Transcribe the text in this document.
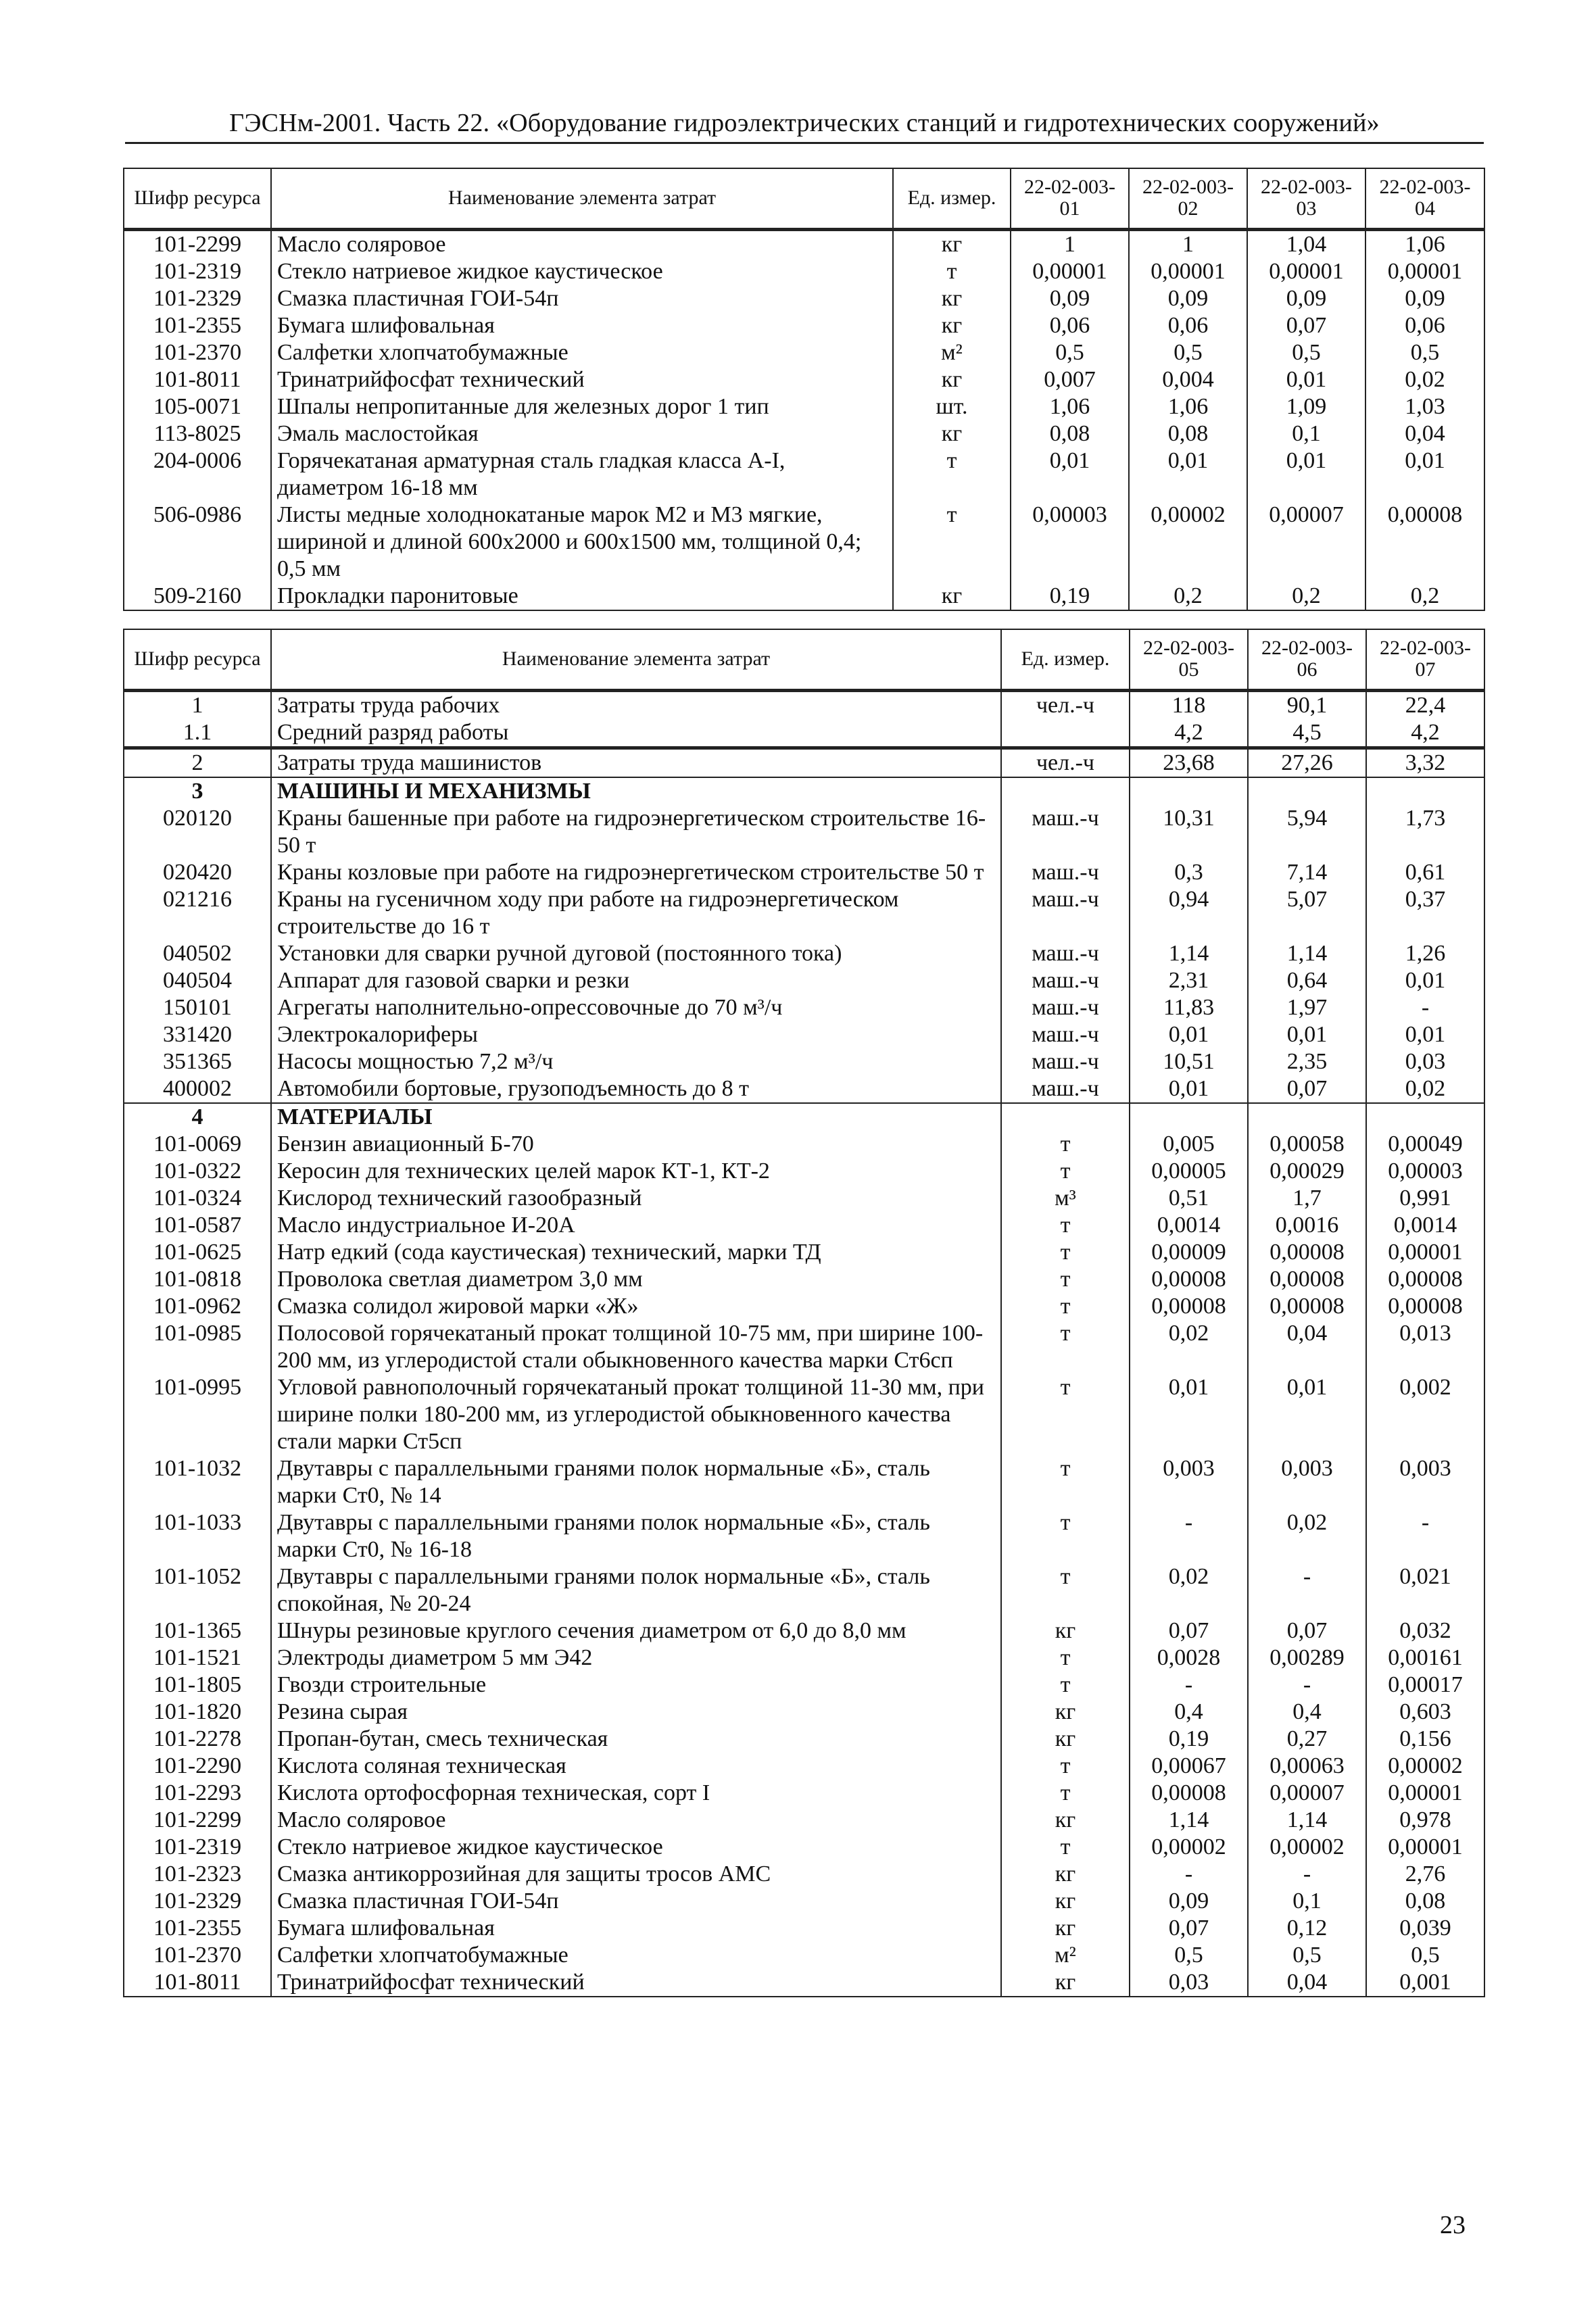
ГЭСНм-2001. Часть 22. «Оборудование гидроэлектрических станций и гидротехнических сооружений»
Шифр ресурса	Наименование элемента затрат	Ед. измер.	22-02-003-01	22-02-003-02	22-02-003-03	22-02-003-04
101-2299	Масло соляровое	кг	1	1	1,04	1,06
101-2319	Стекло натриевое жидкое каустическое	т	0,00001	0,00001	0,00001	0,00001
101-2329	Смазка пластичная ГОИ-54п	кг	0,09	0,09	0,09	0,09
101-2355	Бумага шлифовальная	кг	0,06	0,06	0,07	0,06
101-2370	Салфетки хлопчатобумажные	м²	0,5	0,5	0,5	0,5
101-8011	Тринатрийфосфат технический	кг	0,007	0,004	0,01	0,02
105-0071	Шпалы непропитанные для железных дорог 1 тип	шт.	1,06	1,06	1,09	1,03
113-8025	Эмаль маслостойкая	кг	0,08	0,08	0,1	0,04
204-0006	Горячекатаная арматурная сталь гладкая класса А-I, диаметром 16-18 мм	т	0,01	0,01	0,01	0,01
506-0986	Листы медные холоднокатаные марок М2 и М3 мягкие, шириной и длиной 600х2000 и 600х1500 мм, толщиной 0,4; 0,5 мм	т	0,00003	0,00002	0,00007	0,00008
509-2160	Прокладки паронитовые	кг	0,19	0,2	0,2	0,2
Шифр ресурса	Наименование элемента затрат	Ед. измер.	22-02-003-05	22-02-003-06	22-02-003-07
1	Затраты труда рабочих	чел.-ч	118	90,1	22,4
1.1	Средний разряд работы		4,2	4,5	4,2
2	Затраты труда машинистов	чел.-ч	23,68	27,26	3,32
3	МАШИНЫ И МЕХАНИЗМЫ				
020120	Краны башенные при работе на гидроэнергетическом строительстве 16-50 т	маш.-ч	10,31	5,94	1,73
020420	Краны козловые при работе на гидроэнергетическом строительстве 50 т	маш.-ч	0,3	7,14	0,61
021216	Краны на гусеничном ходу при работе на гидроэнергетическом строительстве до 16 т	маш.-ч	0,94	5,07	0,37
040502	Установки для сварки ручной дуговой (постоянного тока)	маш.-ч	1,14	1,14	1,26
040504	Аппарат для газовой сварки и резки	маш.-ч	2,31	0,64	0,01
150101	Агрегаты наполнительно-опрессовочные до 70 м³/ч	маш.-ч	11,83	1,97	-
331420	Электрокалориферы	маш.-ч	0,01	0,01	0,01
351365	Насосы мощностью 7,2 м³/ч	маш.-ч	10,51	2,35	0,03
400002	Автомобили бортовые, грузоподъемность до 8 т	маш.-ч	0,01	0,07	0,02
4	МАТЕРИАЛЫ				
101-0069	Бензин авиационный Б-70	т	0,005	0,00058	0,00049
101-0322	Керосин для технических целей марок КТ-1, КТ-2	т	0,00005	0,00029	0,00003
101-0324	Кислород технический газообразный	м³	0,51	1,7	0,991
101-0587	Масло индустриальное И-20А	т	0,0014	0,0016	0,0014
101-0625	Натр едкий (сода каустическая) технический, марки ТД	т	0,00009	0,00008	0,00001
101-0818	Проволока светлая диаметром 3,0 мм	т	0,00008	0,00008	0,00008
101-0962	Смазка солидол жировой марки «Ж»	т	0,00008	0,00008	0,00008
101-0985	Полосовой горячекатаный прокат толщиной 10-75 мм, при ширине 100-200 мм, из углеродистой стали обыкновенного качества марки Ст6сп	т	0,02	0,04	0,013
101-0995	Угловой равнополочный горячекатаный прокат толщиной 11-30 мм, при ширине полки 180-200 мм, из углеродистой обыкновенного качества стали марки Ст5сп	т	0,01	0,01	0,002
101-1032	Двутавры с параллельными гранями полок нормальные «Б», сталь марки Ст0, № 14	т	0,003	0,003	0,003
101-1033	Двутавры с параллельными гранями полок нормальные «Б», сталь марки Ст0, № 16-18	т	-	0,02	-
101-1052	Двутавры с параллельными гранями полок нормальные «Б», сталь спокойная, № 20-24	т	0,02	-	0,021
101-1365	Шнуры резиновые круглого сечения диаметром от 6,0 до 8,0 мм	кг	0,07	0,07	0,032
101-1521	Электроды диаметром 5 мм Э42	т	0,0028	0,00289	0,00161
101-1805	Гвозди строительные	т	-	-	0,00017
101-1820	Резина сырая	кг	0,4	0,4	0,603
101-2278	Пропан-бутан, смесь техническая	кг	0,19	0,27	0,156
101-2290	Кислота соляная техническая	т	0,00067	0,00063	0,00002
101-2293	Кислота ортофосфорная техническая, сорт I	т	0,00008	0,00007	0,00001
101-2299	Масло соляровое	кг	1,14	1,14	0,978
101-2319	Стекло натриевое жидкое каустическое	т	0,00002	0,00002	0,00001
101-2323	Смазка антикоррозийная для защиты тросов АМС	кг	-	-	2,76
101-2329	Смазка пластичная ГОИ-54п	кг	0,09	0,1	0,08
101-2355	Бумага шлифовальная	кг	0,07	0,12	0,039
101-2370	Салфетки хлопчатобумажные	м²	0,5	0,5	0,5
101-8011	Тринатрийфосфат технический	кг	0,03	0,04	0,001
23
